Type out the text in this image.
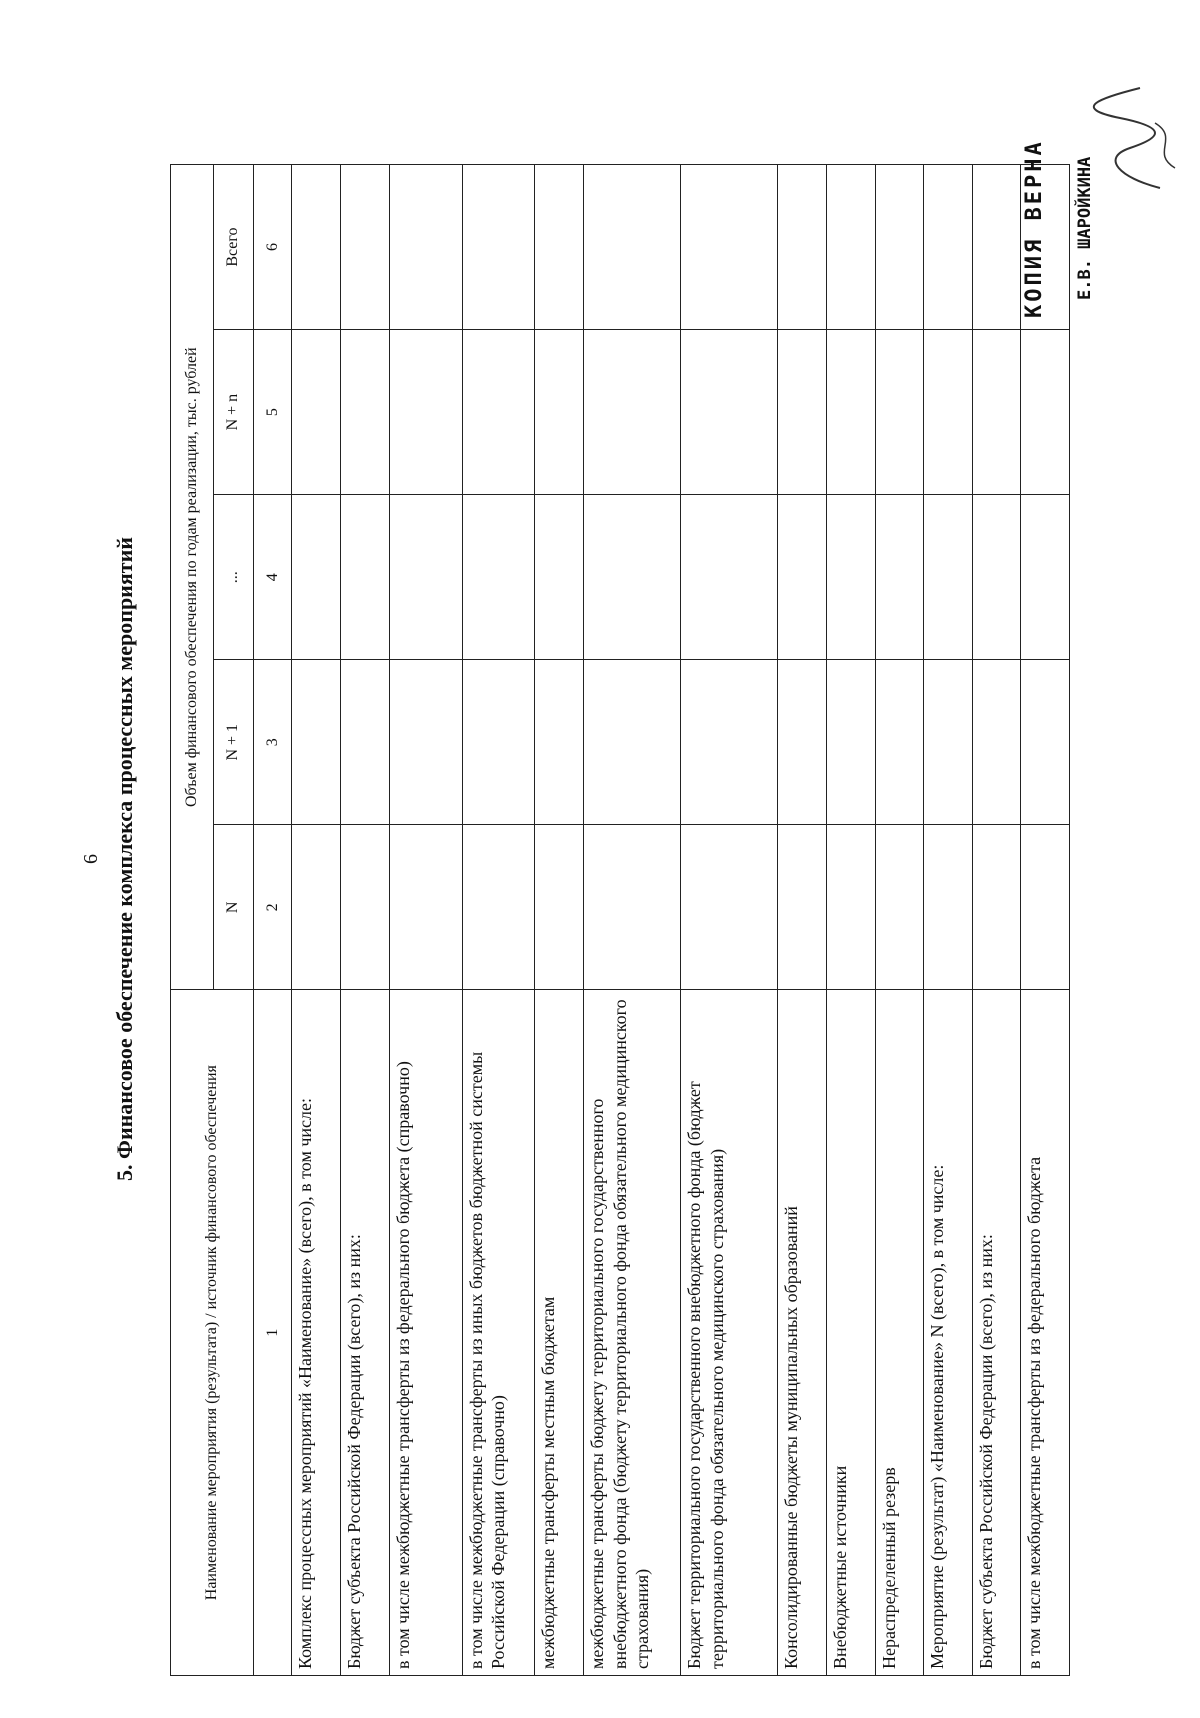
6 5. Финансовое обеспечение комплекса процессных мероприятий
Наименование мероприятия (результата) / источник финансового обеспечения	Объем финансового обеспечения по годам реализации, тыс. рублей				
	N	N + 1	...	N + n	Всего
1	2	3	4	5	6
Комплекс процессных мероприятий «Наименование» (всего), в том числе:					
Бюджет субъекта Российской Федерации (всего), из них:					
в том числе межбюджетные трансферты из федерального бюджета (справочно)					
в том числе межбюджетные трансферты из иных бюджетов бюджетной системы Российской Федерации (справочно)					
межбюджетные трансферты местным бюджетам					
межбюджетные трансферты бюджету территориального государственного внебюджетного фонда (бюджету территориального фонда обязательного медицинского страхования)					
Бюджет территориального государственного внебюджетного фонда (бюджет территориального фонда обязательного медицинского страхования)					
Консолидированные бюджеты муниципальных образований					
Внебюджетные источники					
Нераспределенный резерв					
Мероприятие (результат) «Наименование» N (всего), в том числе:					
Бюджет субъекта Российской Федерации (всего), из них:					
в том числе межбюджетные трансферты из федерального бюджета					
КОПИЯ ВЕРНА Е.В. ШАРОЙКИНА
